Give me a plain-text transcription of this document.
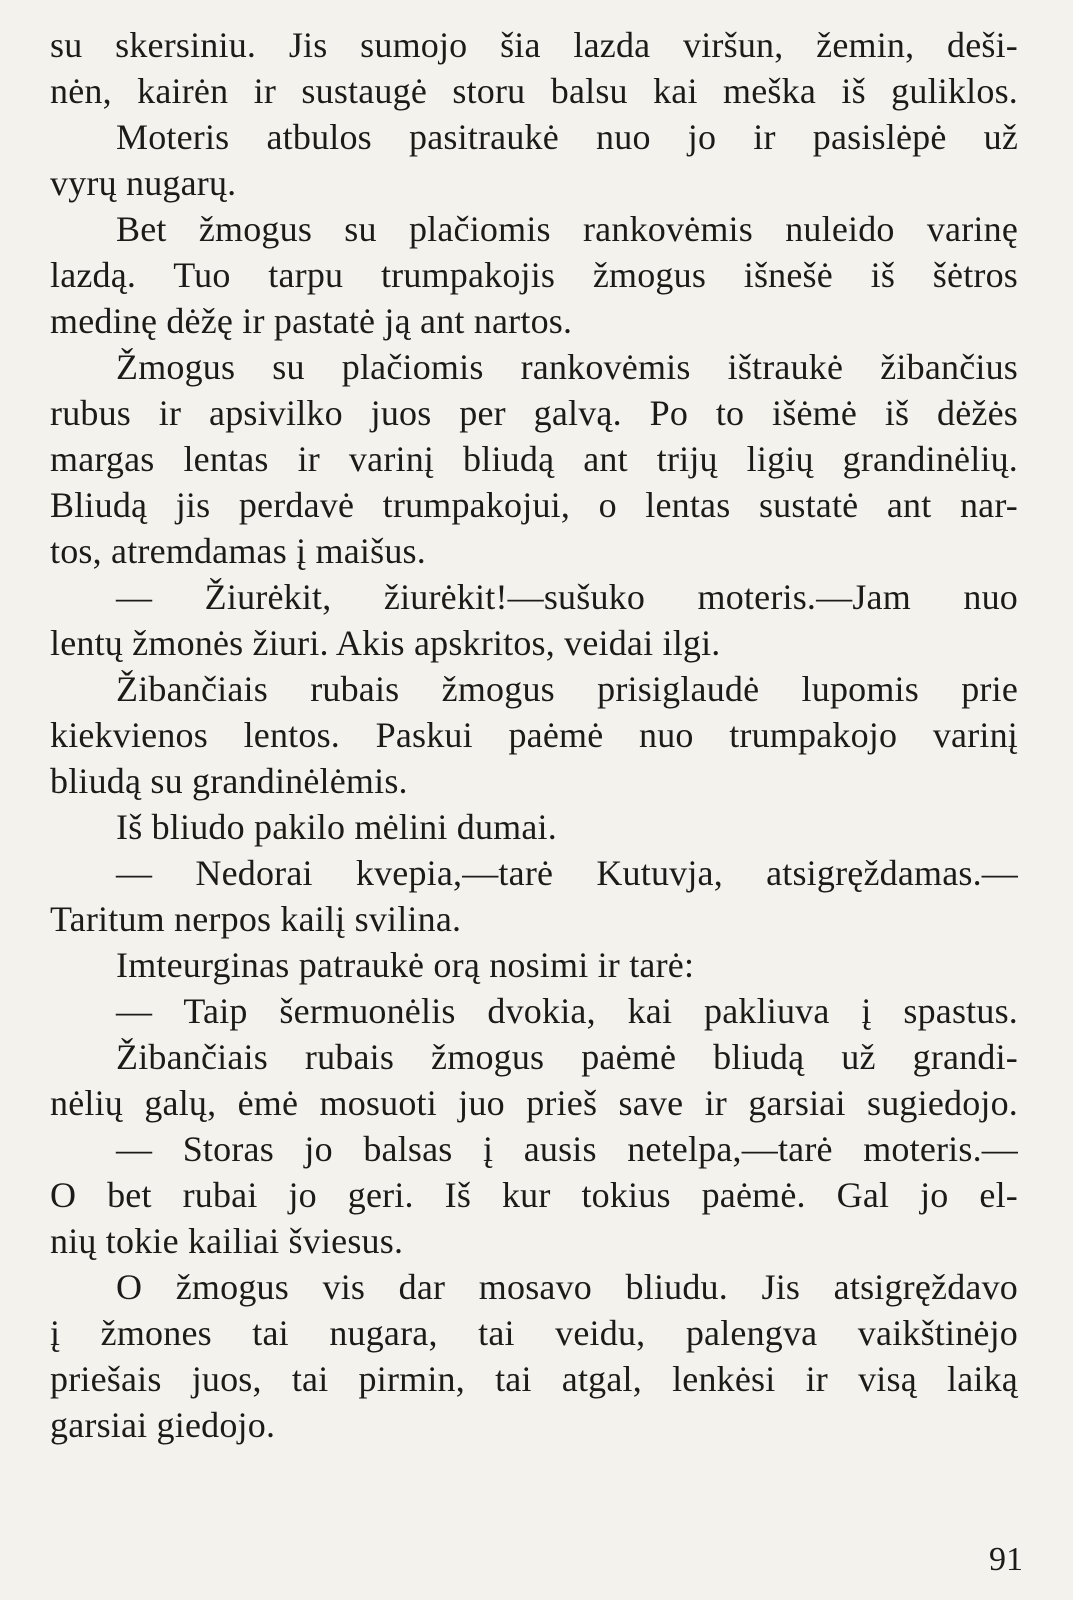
su skersiniu. Jis sumojo šia lazda viršun, žemin, deši-
nėn, kairėn ir sustaugė storu balsu kai meška iš guliklos.
Moteris atbulos pasitraukė nuo jo ir pasislėpė už
vyrų nugarų.
Bet žmogus su plačiomis rankovėmis nuleido varinę
lazdą. Tuo tarpu trumpakojis žmogus išnešė iš šėtros
medinę dėžę ir pastatė ją ant nartos.
Žmogus su plačiomis rankovėmis ištraukė žibančius
rubus ir apsivilko juos per galvą. Po to išėmė iš dėžės
margas lentas ir varinį bliudą ant trijų ligių grandinėlių.
Bliudą jis perdavė trumpakojui, o lentas sustatė ant nar-
tos, atremdamas į maišus.
— Žiurėkit, žiurėkit!—sušuko moteris.—Jam nuo
lentų žmonės žiuri. Akis apskritos, veidai ilgi.
Žibančiais rubais žmogus prisiglaudė lupomis prie
kiekvienos lentos. Paskui paėmė nuo trumpakojo varinį
bliudą su grandinėlėmis.
Iš bliudo pakilo mėlini dumai.
— Nedorai kvepia,—tarė Kutuvja, atsigręždamas.—
Taritum nerpos kailį svilina.
Imteurginas patraukė orą nosimi ir tarė:
— Taip šermuonėlis dvokia, kai pakliuva į spastus.
Žibančiais rubais žmogus paėmė bliudą už grandi-
nėlių galų, ėmė mosuoti juo prieš save ir garsiai sugiedojo.
— Storas jo balsas į ausis netelpa,—tarė moteris.—
O bet rubai jo geri. Iš kur tokius paėmė. Gal jo el-
nių tokie kailiai šviesus.
O žmogus vis dar mosavo bliudu. Jis atsigręždavo
į žmones tai nugara, tai veidu, palengva vaikštinėjo
priešais juos, tai pirmin, tai atgal, lenkėsi ir visą laiką
garsiai giedojo.
91
